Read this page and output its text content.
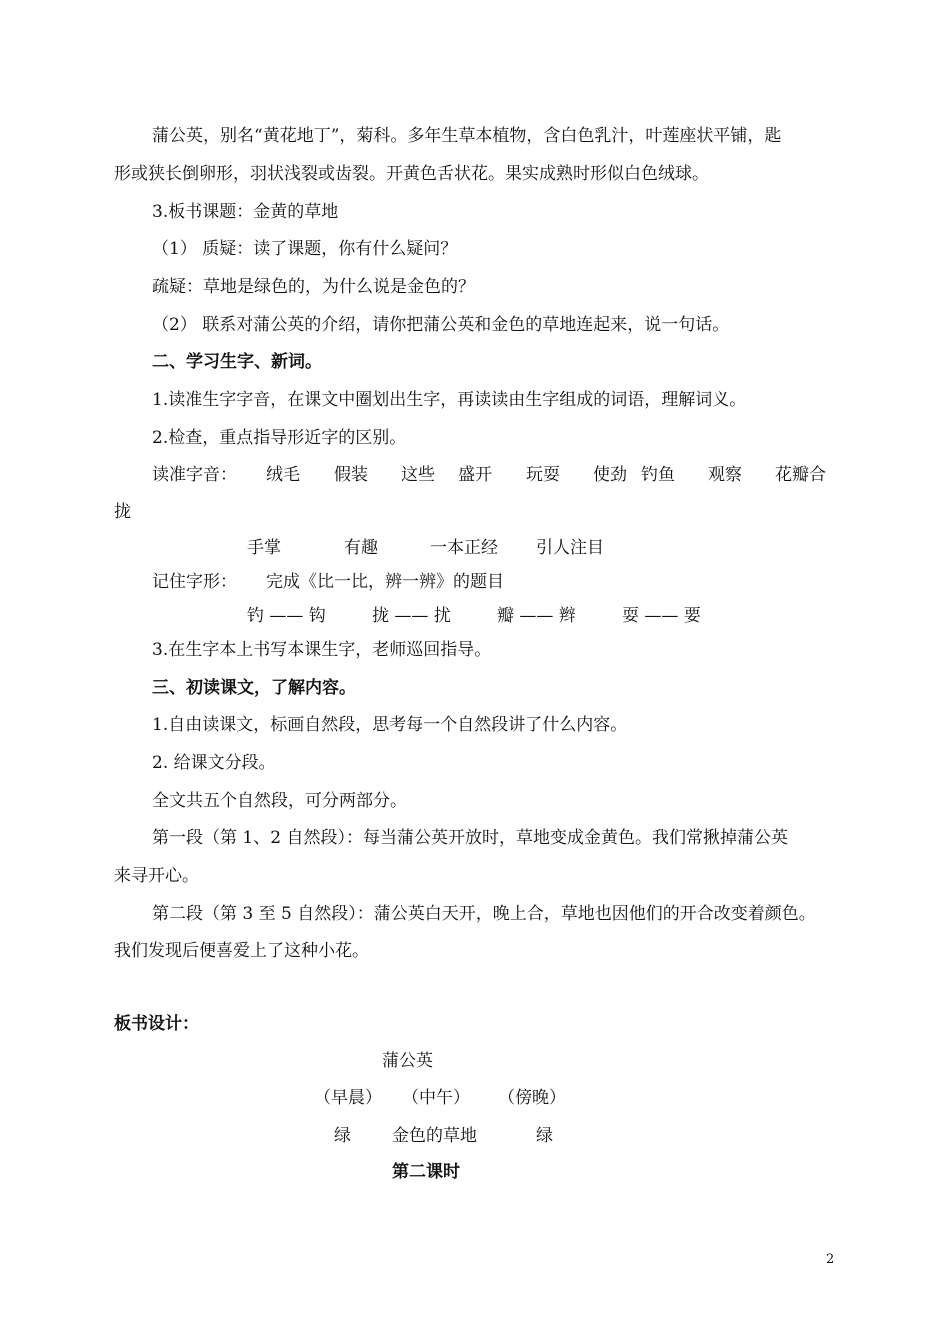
蒲公英，别名“黄花地丁”，菊科。多年生草本植物，含白色乳汁，叶莲座状平铺，匙
形或狭长倒卵形，羽状浅裂或齿裂。开黄色舌状花。果实成熟时形似白色绒球。
3.板书课题：金黄的草地
（1） 质疑：读了课题，你有什么疑问？
疏疑：草地是绿色的，为什么说是金色的？
（2） 联系对蒲公英的介绍，请你把蒲公英和金色的草地连起来，说一句话。
二、学习生字、新词。
1.读准生字字音，在课文中圈划出生字，再读读由生字组成的词语，理解词义。
2.检查，重点指导形近字的区别。
读准字音： 绒毛 假装 这些 盛开 玩耍 使劲 钓鱼 观察 花瓣合
拢
手掌	有趣	一本正经 引人注目
记住字形： 完成《比一比，辨一辨》的题目
钓 —— 钩	拢 —— 扰	瓣 —— 辫	耍 —— 要
3.在生字本上书写本课生字，老师巡回指导。
三、初读课文，了解内容。
1.自由读课文，标画自然段，思考每一个自然段讲了什么内容。
2. 给课文分段。
全文共五个自然段，可分两部分。
第一段（第 1、2 自然段）：每当蒲公英开放时，草地变成金黄色。我们常揪掉蒲公英
来寻开心。
第二段（第 3 至 5 自然段）：蒲公英白天开，晚上合，草地也因他们的开合改变着颜色。
我们发现后便喜爱上了这种小花。
板书设计：
蒲公英
（早晨） （中午） （傍晚）
绿 金色的草地	绿
第二课时
2
